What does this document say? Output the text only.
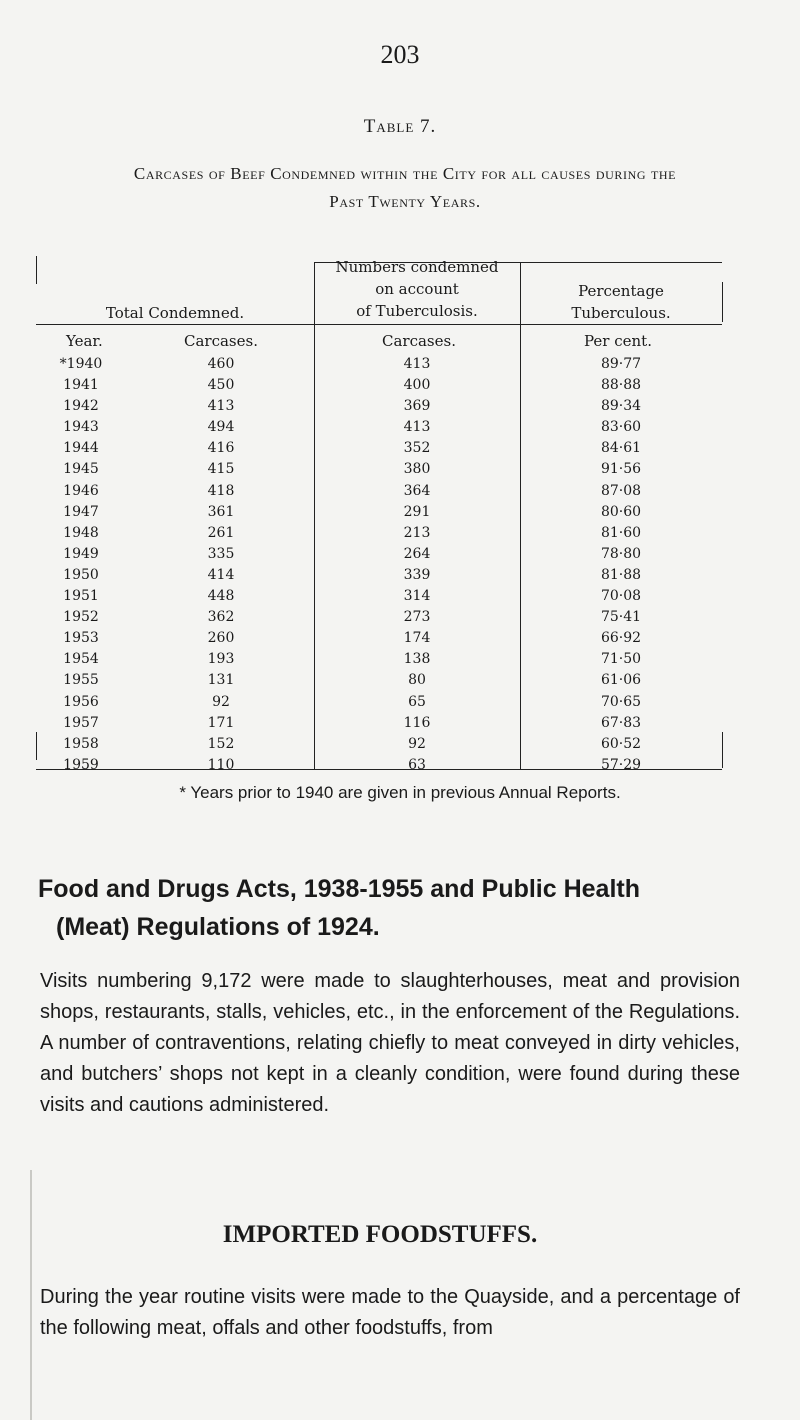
203
Table 7.
Carcases of Beef Condemned within the City for all causes during the
Past Twenty Years.
Total Condemned.
Numbers condemned
on account
of Tuberculosis.
Percentage
Tuberculous.
Year.	Carcases.	Carcases.	Per cent.
*1940	460	413	89·77
1941	450	400	88·88
1942	413	369	89·34
1943	494	413	83·60
1944	416	352	84·61
1945	415	380	91·56
1946	418	364	87·08
1947	361	291	80·60
1948	261	213	81·60
1949	335	264	78·80
1950	414	339	81·88
1951	448	314	70·08
1952	362	273	75·41
1953	260	174	66·92
1954	193	138	71·50
1955	131	80	61·06
1956	92	65	70·65
1957	171	116	67·83
1958	152	92	60·52
1959	110	63	57·29
* Years prior to 1940 are given in previous Annual Reports.
Food and Drugs Acts, 1938-1955 and Public Health
(Meat) Regulations of 1924.
Visits numbering 9,172 were made to slaughterhouses, meat and provision shops, restaurants, stalls, vehicles, etc., in the enforcement of the Regulations. A number of contraventions, relating chiefly to meat conveyed in dirty vehicles, and butchers’ shops not kept in a cleanly condition, were found during these visits and cautions administered.
IMPORTED FOODSTUFFS.
During the year routine visits were made to the Quayside, and a percentage of the following meat, offals and other foodstuffs, from
